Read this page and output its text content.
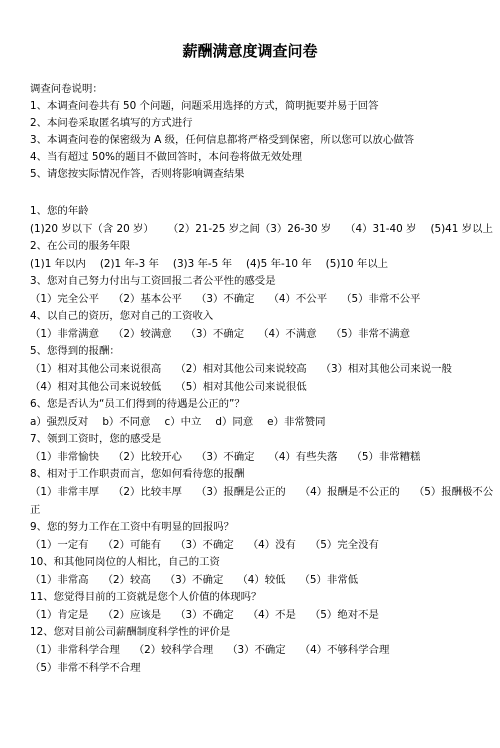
薪酬满意度调查问卷
调查问卷说明：
1、本调查问卷共有 50 个问题，问题采用选择的方式，简明扼要并易于回答
2、本问卷采取匿名填写的方式进行
3、本调查问卷的保密级为 A 级，任何信息都将严格受到保密，所以您可以放心做答
4、当有超过 50%的题目不做回答时，本问卷将做无效处理
5、请您按实际情况作答，否则将影响调查结果
1、您的年龄
(1)20 岁以下（含 20 岁） （2）21-25 岁之间（3）26-30 岁 （4）31-40 岁 (5)41 岁以上
2、在公司的服务年限
(1)1 年以内 (2)1 年-3 年 (3)3 年-5 年 (4)5 年-10 年 (5)10 年以上
3、您对自己努力付出与工资回报二者公平性的感受是
（1）完全公平 （2）基本公平 （3）不确定 （4）不公平 （5）非常不公平
4、以自己的资历，您对自己的工资收入
（1）非常满意 （2）较满意 （3）不确定 （4）不满意 （5）非常不满意
5、您得到的报酬：
（1）相对其他公司来说很高 （2）相对其他公司来说较高 （3）相对其他公司来说一般
（4）相对其他公司来说较低 （5）相对其他公司来说很低
6、您是否认为“员工们得到的待遇是公正的”？
a）强烈反对 b）不同意 c）中立 d）同意 e）非常赞同
7、领到工资时，您的感受是
（1）非常愉快 （2）比较开心 （3）不确定 （4）有些失落 （5）非常糟糕
8、相对于工作职责而言，您如何看待您的报酬
（1）非常丰厚 （2）比较丰厚 （3）报酬是公正的 （4）报酬是不公正的 （5）报酬极不公
正
9、您的努力工作在工资中有明显的回报吗？
（1）一定有 （2）可能有 （3）不确定 （4）没有 （5）完全没有
10、和其他同岗位的人相比，自己的工资
（1）非常高 （2）较高 （3）不确定 （4）较低 （5）非常低
11、您觉得目前的工资就是您个人价值的体现吗？
（1）肯定是 （2）应该是 （3）不确定 （4）不是 （5）绝对不是
12、您对目前公司薪酬制度科学性的评价是
（1）非常科学合理 （2）较科学合理 （3）不确定 （4）不够科学合理
（5）非常不科学不合理
